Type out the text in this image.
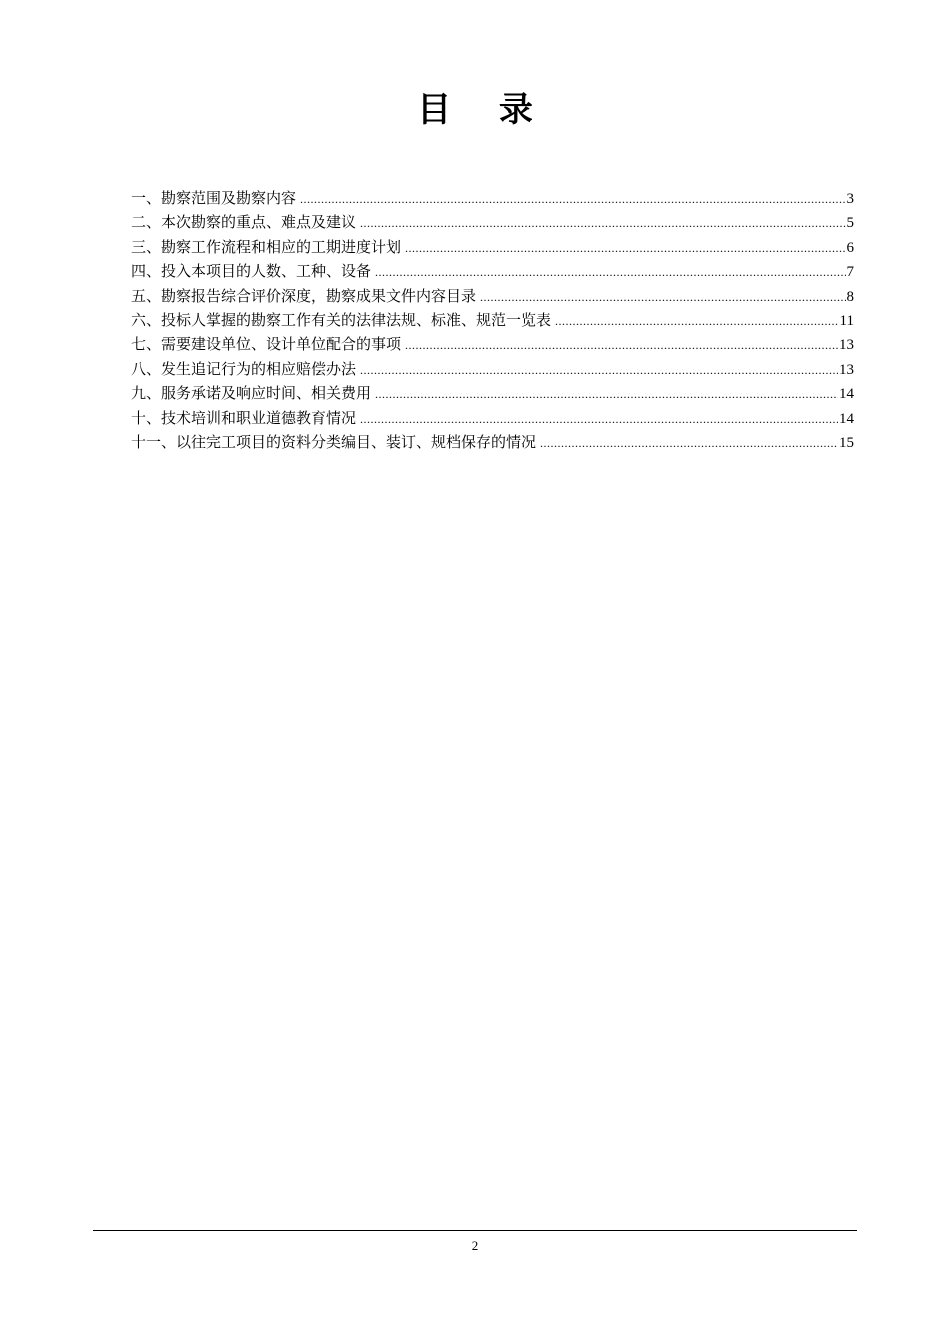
目 录
一、勘察范围及勘察内容 .....	3
二、本次勘察的重点、难点及建议 .....	5
三、勘察工作流程和相应的工期进度计划 .....	6
四、投入本项目的人数、工种、设备 .....	7
五、勘察报告综合评价深度，勘察成果文件内容目录 .....	8
六、投标人掌握的勘察工作有关的法律法规、标准、规范一览表 .....	11
七、需要建设单位、设计单位配合的事项 .....	13
八、发生追记行为的相应赔偿办法 .....	13
九、服务承诺及响应时间、相关费用 .....	14
十、技术培训和职业道德教育情况 .....	14
十一、以往完工项目的资料分类编目、装订、规档保存的情况 .....	15
2
